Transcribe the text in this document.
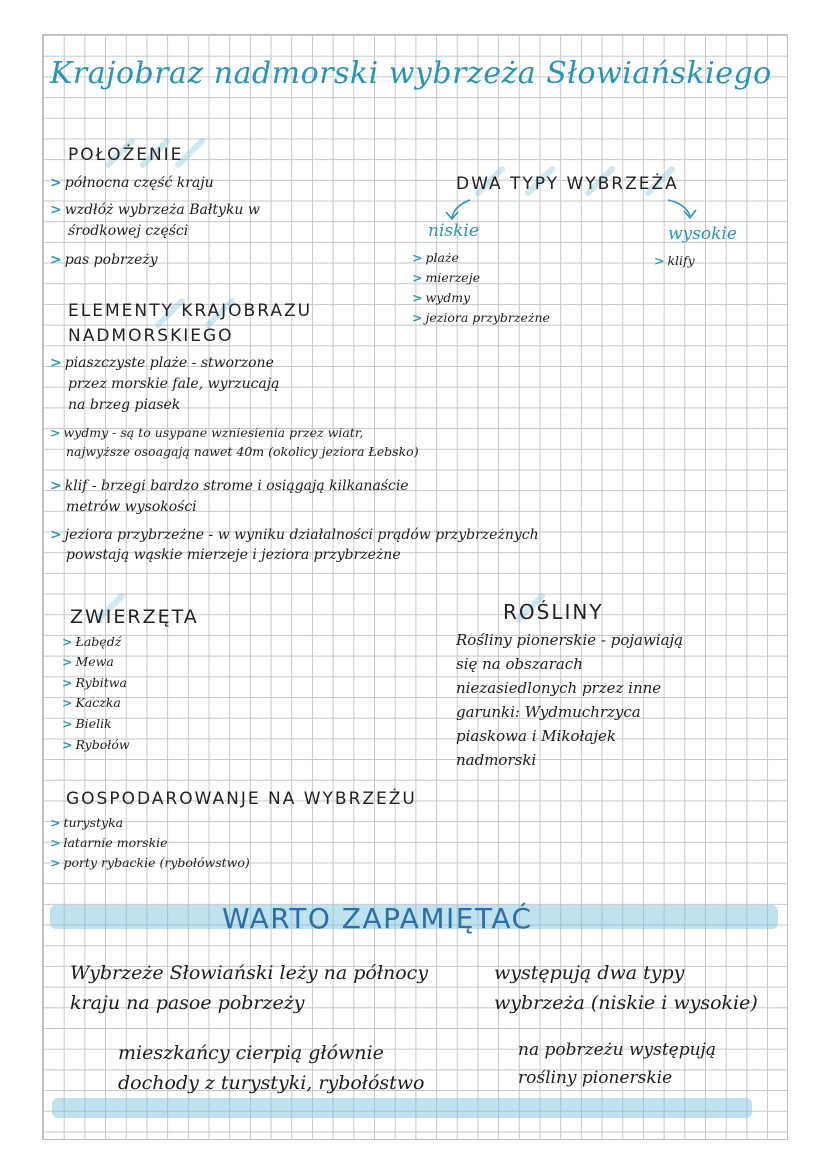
Krajobraz nadmorski wybrzeża Słowiańskiego
POŁOŻENIE
> północna część kraju
> wzdłóż wybrzeża Bałtyku w
środkowej części
> pas pobrzeży
DWA TYPY WYBRZEŻA
niskie	wysokie
> plaże
> mierzeje
> wydmy
> jeziora przybrzeżne
> klify
ELEMENTY KRAJOBRAZU
NADMORSKIEGO
> piaszczyste plaże - stworzone
przez morskie fale, wyrzucają
na brzeg piasek
> wydmy - są to usypane wzniesienia przez wiatr,
najwyższe osoagają nawet 40m (okolicy jeziora Łebsko)
> klif - brzegi bardzo strome i osiągają kilkanaście
metrów wysokości
> jeziora przybrzeżne - w wyniku działalności prądów przybrzeżnych
powstają wąskie mierzeje i jeziora przybrzeżne
ZWIERZĘTA
> Łabędź
> Mewa
> Rybitwa
> Kaczka
> Bielik
> Rybołów
ROŚLINY
Rośliny pionerskie - pojawiają
się na obszarach
niezasiedlonych przez inne
garunki: Wydmuchrzyca
piaskowa i Mikołajek
nadmorski
GOSPODAROWANJE NA WYBRZEŻU
> turystyka
> latarnie morskie
> porty rybackie (rybołówstwo)
WARTO ZAPAMIĘTAĆ
Wybrzeże Słowiański leży na północy
kraju na pasoe pobrzeży
występują dwa typy
wybrzeża (niskie i wysokie)
mieszkańcy cierpią głównie
dochody z turystyki, rybołóstwo
na pobrzeżu występują
rośliny pionerskie
